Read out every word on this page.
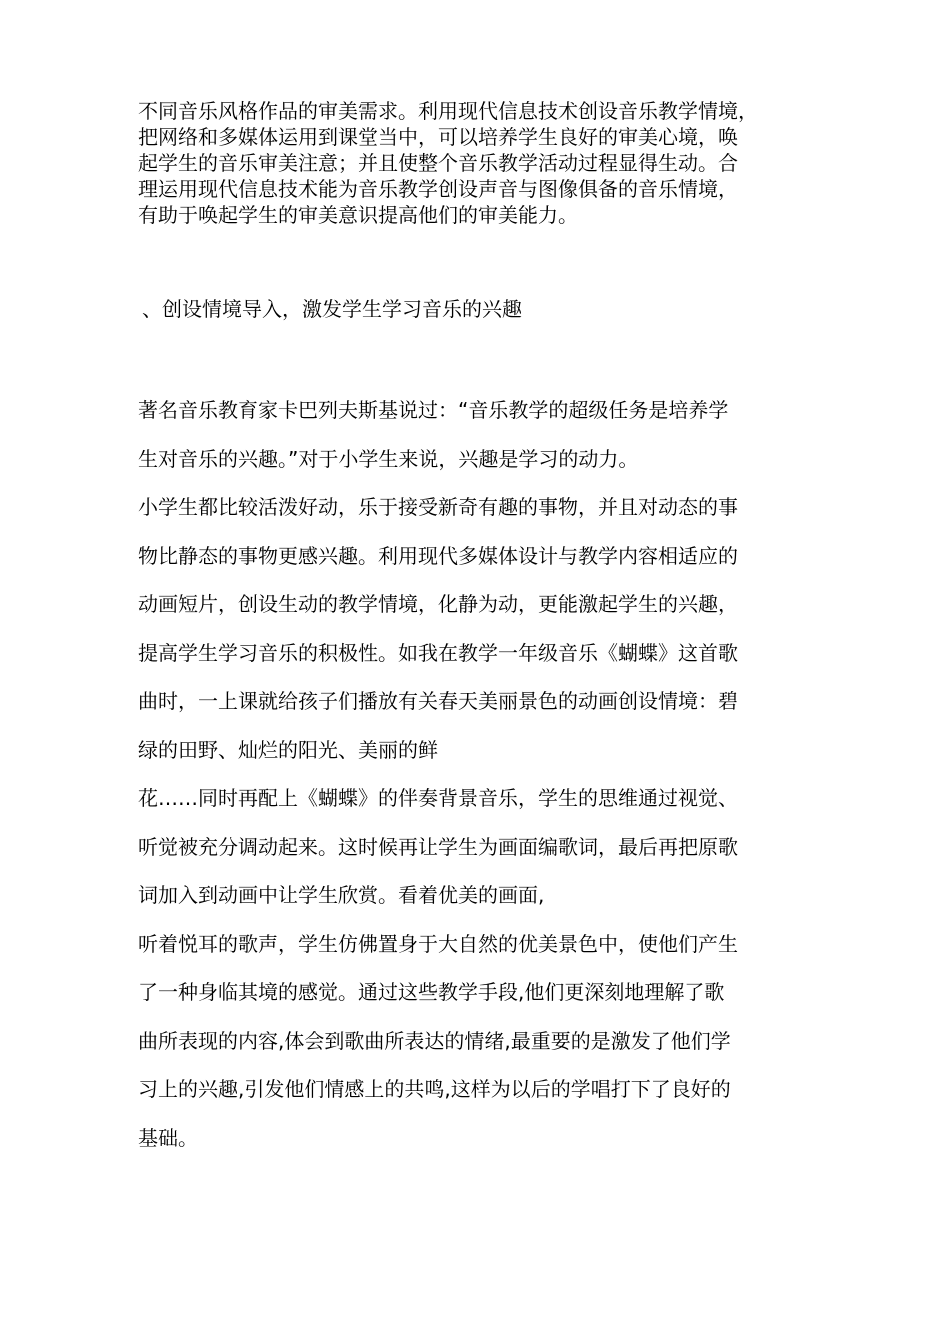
不同音乐风格作品的审美需求。利用现代信息技术创设音乐教学情境，
把网络和多媒体运用到课堂当中，可以培养学生良好的审美心境，唤
起学生的音乐审美注意；并且使整个音乐教学活动过程显得生动。合
理运用现代信息技术能为音乐教学创设声音与图像俱备的音乐情境，
有助于唤起学生的审美意识提高他们的审美能力。
、创设情境导入，激发学生学习音乐的兴趣
著名音乐教育家卡巴列夫斯基说过：“音乐教学的超级任务是培养学
生对音乐的兴趣。”对于小学生来说，兴趣是学习的动力。
小学生都比较活泼好动，乐于接受新奇有趣的事物，并且对动态的事
物比静态的事物更感兴趣。利用现代多媒体设计与教学内容相适应的
动画短片，创设生动的教学情境，化静为动，更能激起学生的兴趣，
提高学生学习音乐的积极性。如我在教学一年级音乐《蝴蝶》这首歌
曲时，一上课就给孩子们播放有关春天美丽景色的动画创设情境：碧
绿的田野、灿烂的阳光、美丽的鲜
花……同时再配上《蝴蝶》的伴奏背景音乐，学生的思维通过视觉、
听觉被充分调动起来。这时候再让学生为画面编歌词，最后再把原歌
词加入到动画中让学生欣赏。看着优美的画面,
听着悦耳的歌声，学生仿佛置身于大自然的优美景色中，使他们产生
了一种身临其境的感觉。通过这些教学手段,他们更深刻地理解了歌
曲所表现的内容,体会到歌曲所表达的情绪,最重要的是激发了他们学
习上的兴趣,引发他们情感上的共鸣,这样为以后的学唱打下了良好的
基础。
